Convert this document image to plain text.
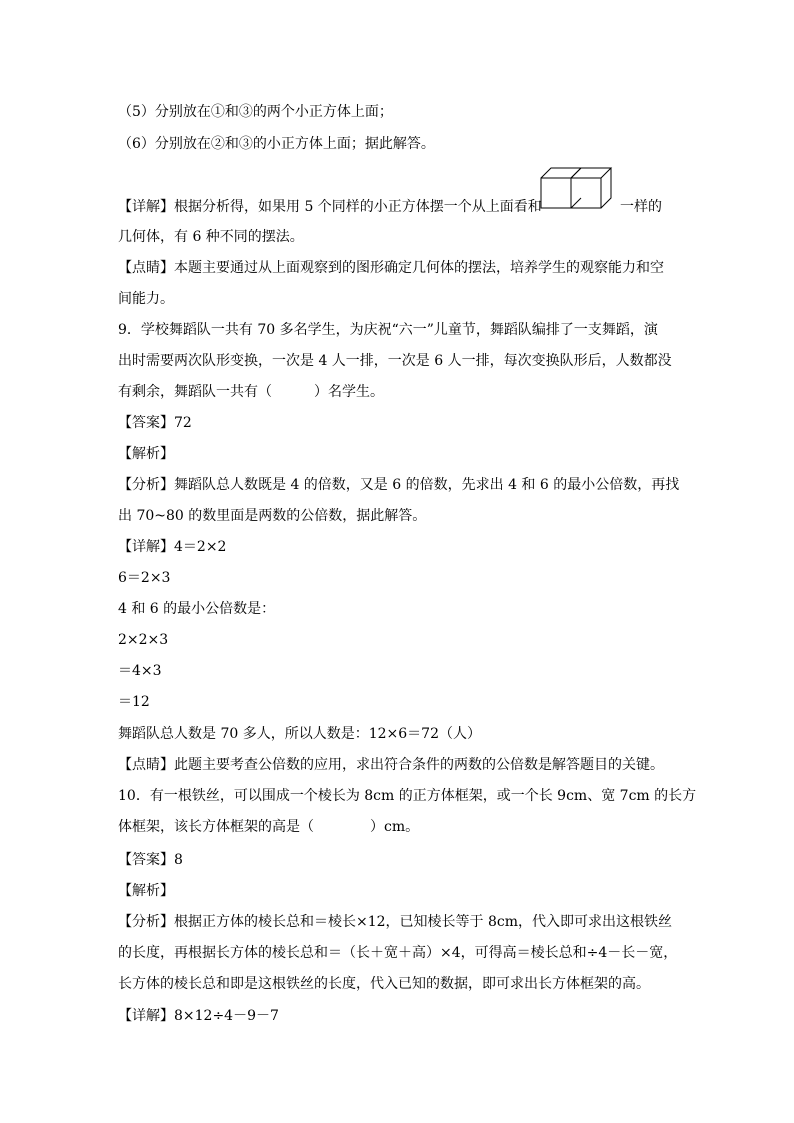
（5）分别放在①和③的两个小正方体上面；
（6）分别放在②和③的小正方体上面；据此解答。
【详解】根据分析得，如果用 5 个同样的小正方体摆一个从上面看和	一样的
几何体，有 6 种不同的摆法。
【点睛】本题主要通过从上面观察到的图形确定几何体的摆法，培养学生的观察能力和空
间能力。
9．学校舞蹈队一共有 70 多名学生，为庆祝“六一”儿童节，舞蹈队编排了一支舞蹈，演
出时需要两次队形变换，一次是 4 人一排，一次是 6 人一排，每次变换队形后，人数都没
有剩余，舞蹈队一共有（　　　）名学生。
【答案】72
【解析】
【分析】舞蹈队总人数既是 4 的倍数，又是 6 的倍数，先求出 4 和 6 的最小公倍数，再找
出 70~80 的数里面是两数的公倍数，据此解答。
【详解】4＝2×2
6＝2×3
4 和 6 的最小公倍数是：
2×2×3
＝4×3
＝12
舞蹈队总人数是 70 多人，所以人数是：12×6＝72（人）
【点睛】此题主要考查公倍数的应用，求出符合条件的两数的公倍数是解答题目的关键。
10．有一根铁丝，可以围成一个棱长为 8cm 的正方体框架，或一个长 9cm、宽 7cm 的长方
体框架，该长方体框架的高是（　　　　）cm。
【答案】8
【解析】
【分析】根据正方体的棱长总和＝棱长×12，已知棱长等于 8cm，代入即可求出这根铁丝
的长度，再根据长方体的棱长总和＝（长＋宽＋高）×4，可得高＝棱长总和÷4－长－宽，
长方体的棱长总和即是这根铁丝的长度，代入已知的数据，即可求出长方体框架的高。
【详解】8×12÷4－9－7
